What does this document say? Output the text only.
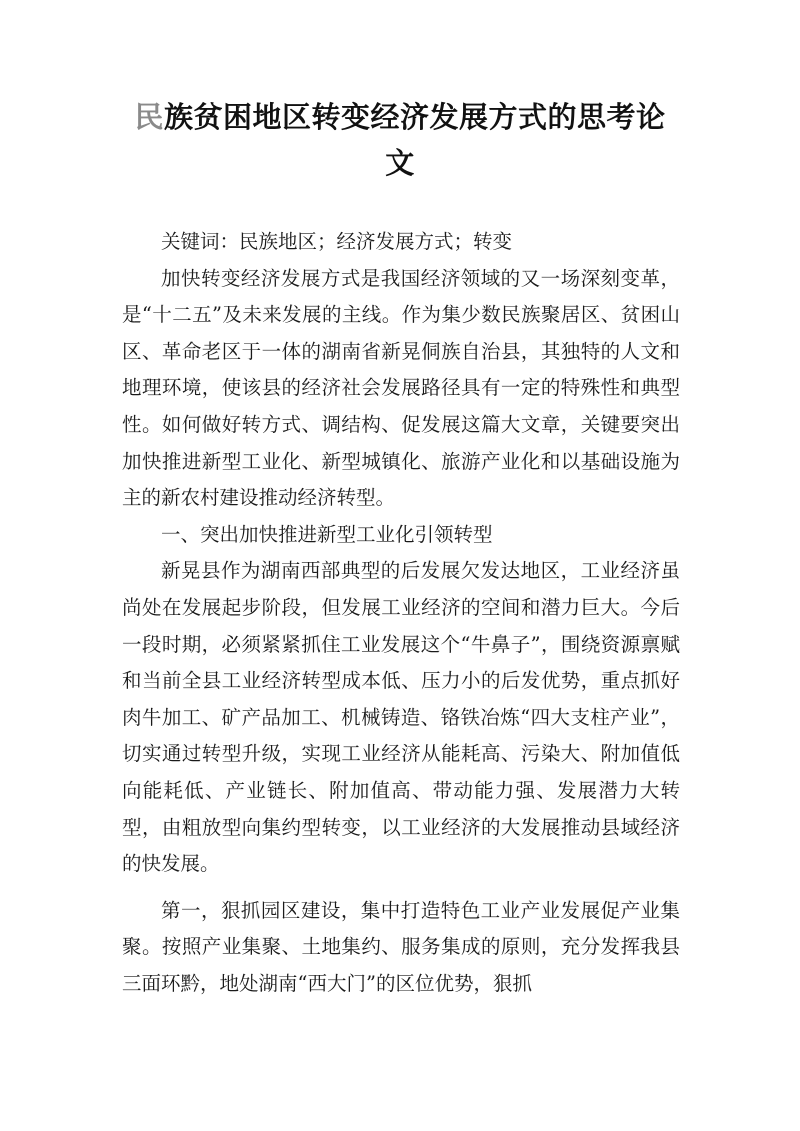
民族贫困地区转变经济发展方式的思考论文

关键词：民族地区；经济发展方式；转变

加快转变经济发展方式是我国经济领域的又一场深刻变革，是“十二五”及未来发展的主线。作为集少数民族聚居区、贫困山区、革命老区于一体的湖南省新晃侗族自治县，其独特的人文和地理环境，使该县的经济社会发展路径具有一定的特殊性和典型性。如何做好转方式、调结构、促发展这篇大文章，关键要突出加快推进新型工业化、新型城镇化、旅游产业化和以基础设施为主的新农村建设推动经济转型。

一、突出加快推进新型工业化引领转型

新晃县作为湖南西部典型的后发展欠发达地区，工业经济虽尚处在发展起步阶段，但发展工业经济的空间和潜力巨大。今后一段时期，必须紧紧抓住工业发展这个“牛鼻子”，围绕资源禀赋和当前全县工业经济转型成本低、压力小的后发优势，重点抓好肉牛加工、矿产品加工、机械铸造、铬铁冶炼“四大支柱产业”，切实通过转型升级，实现工业经济从能耗高、污染大、附加值低向能耗低、产业链长、附加值高、带动能力强、发展潜力大转型，由粗放型向集约型转变，以工业经济的大发展推动县域经济的快发展。

第一，狠抓园区建设，集中打造特色工业产业发展促产业集聚。按照产业集聚、土地集约、服务集成的原则，充分发挥我县三面环黔，地处湖南“西大门”的区位优势，狠抓
